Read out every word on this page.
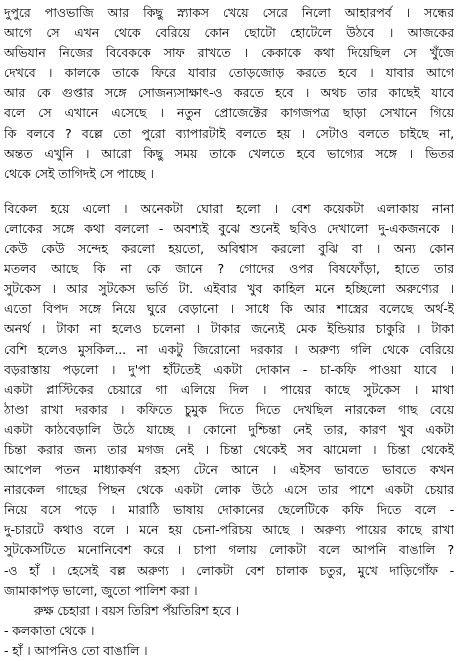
দুপুরে পাওভাজি আর কিছু স্ন্যাকস খেয়ে সেরে নিলো আহারপর্ব । সন্ধের
আগে সে এখন থেকে বেরিয়ে কোন ছোটো হোটেলে উঠবে । আজকের
অভিযান নিজের বিবেককে সাফ রাখতে । কেকাকে কথা দিয়েছিল সে খুঁজে
দেখবে । কালকে তাকে ফিরে যাবার তোড়জোড় করতে হবে । যাবার আগে
আর কে গুপ্তার সঙ্গে সোজন্যসাক্ষাৎ-ও করতে হবে । অথচ তার কাছেই যাবে
বলে সে এখানে এসেছে । নতুন প্রোজেক্টের কাগজপত্র ছাড়া সেখানে গিয়ে
কি বলবে ? বল্লে তো পুরো ব্যাপারটাই বলতে হয় । সেটাও বলতে চাইছে না,
অন্তত এখুনি । আরো কিছু সময় তাকে খেলতে হবে ভাগ্যের সঙ্গে । ভিতর
থেকে সেই তাগিদই সে পাচ্ছে ।
বিকেল হয়ে এলো । অনেকটা ঘোরা হলো । বেশ কয়েকটা এলাকায় নানা
লোকের সঙ্গে কথা বললো - অবশ্যই বুঝে শুনেই ছবিও দেখালো দু-একজনকে ।
কেউ কেউ সন্দেহ করলো হয়তো, অবিশ্বাস করলো বুঝি বা । অন্য কোন
মতলব আছে কি না কে জানে ? গোদের ওপর বিষফোঁড়া, হাতে তার
সুটকেস । আর সুটকেস ভর্তি টা. এইবার খুব কাহিল মনে হচ্ছিলো অরুণ্যের ।
এতো বিপদ সঙ্গে নিয়ে ঘুরে বেড়ানো । সাধে কি আর শাস্ত্রের বলেছে অর্থ-ই
অনর্থ । টাকা না হলেও চলেনা । টাকার জন্যেই মেক ইন্ডিয়ার চাকুরি । টাকা
বেশি হলেও মুসকিল... না একটু জিরোনো দরকার । অরুণ্য গলি থেকে বেরিয়ে
বড়রাস্তায় পড়লো । দু'পা হাঁটতেই একটা দোকান - চা-কফি পাওয়া যাবে ।
একটা প্লাস্টিকের চেয়ারে গা এলিয়ে দিল । পায়ের কাছে সুটকেস । মাথা
ঠাণ্ডা রাখা দরকার । কফিতে চুমুক দিতে দিতে দেখছিল নারকেল গাছ বেয়ে
একটা কাঠবেড়ালি উঠে যাচ্ছে । কোনো দুশ্চিন্তা নেই তার, কারণ খুব একটা
চিন্তা করার জন্য তার মগজ নেই । চিন্তা থেকেই সব ঝামেলা । চিন্তা থেকেই
আপেল পতন মাধ্যাকর্ষণ রহস্য টেনে আনে । এইসব ভাবতে ভাবতে কখন
নারকেল গাছের পিছন থেকে একটা লোক উঠে এসে তার পাশে একটা চেয়ার
নিয়ে বসে পড়ে । মারাঠি ভাষায় দোকানের ছেলেটিকে কফি দিতে বলে -
দু-চারটে কথাও বলে । মনে হয় চেনা-পরিচয় আছে । অরুণ্য পায়ের কাছে রাখা
সুটকেসটিতে মনোনিবেশ করে । চাপা গলায় লোকটা বলে আপনি বাঙালি ?
-ও হাঁ । হেসেই বল্ল অরুণ্য । লোকটা বেশ চালাক চতুর, মুখে দাড়িগোঁফ -
জামাকাপড় ভালো, জুতো পালিশ করা ।
রুক্ষ চেহারা । বয়স তিরিশ পঁয়তিরিশ হবে ।
- কলকাতা থেকে ।
- হাঁ । আপনিও তো বাঙালি ।
